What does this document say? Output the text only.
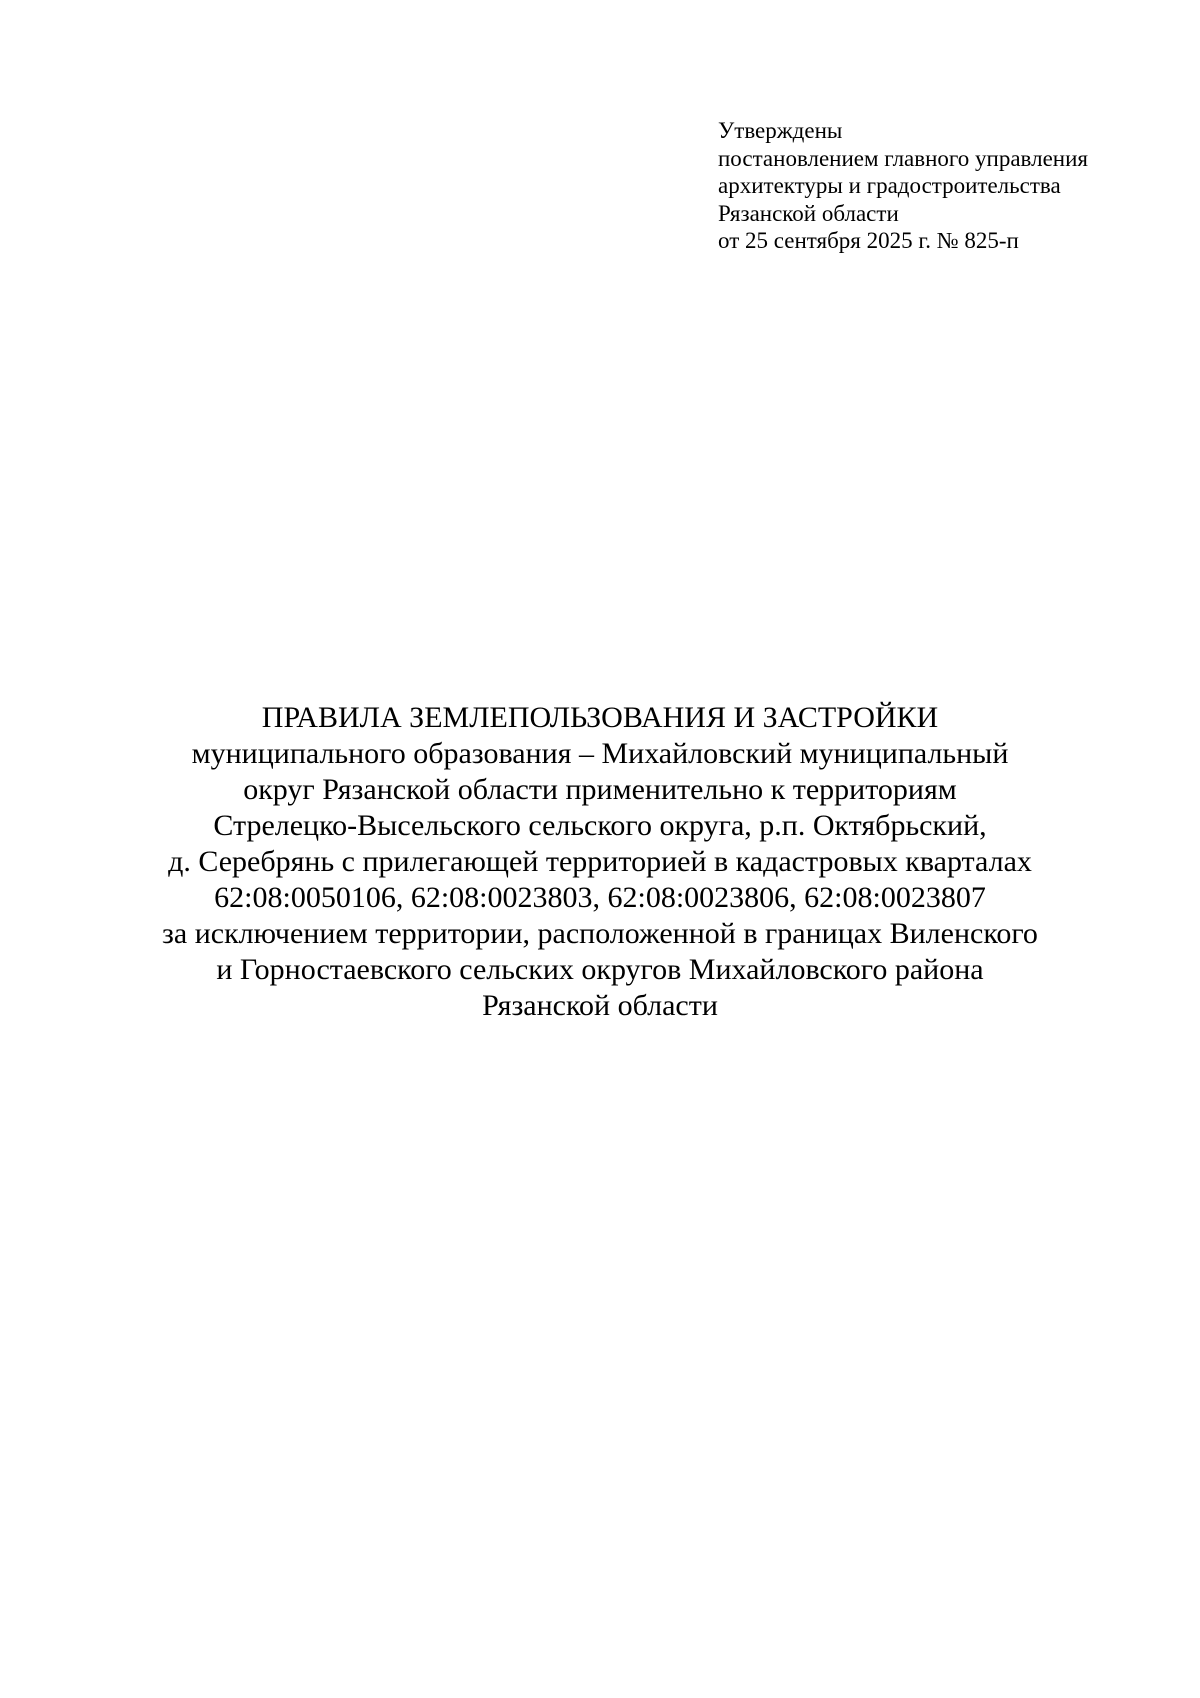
Утверждены
постановлением главного управления
архитектуры и градостроительства
Рязанской области
от 25 сентября 2025 г. № 825-п
ПРАВИЛА ЗЕМЛЕПОЛЬЗОВАНИЯ И ЗАСТРОЙКИ
муниципального образования – Михайловский муниципальный
округ Рязанской области применительно к территориям
Стрелецко-Высельского сельского округа, р.п. Октябрьский,
д. Серебрянь с прилегающей территорией в кадастровых кварталах
62:08:0050106, 62:08:0023803, 62:08:0023806, 62:08:0023807
за исключением территории, расположенной в границах Виленского
и Горностаевского сельских округов Михайловского района
Рязанской области
